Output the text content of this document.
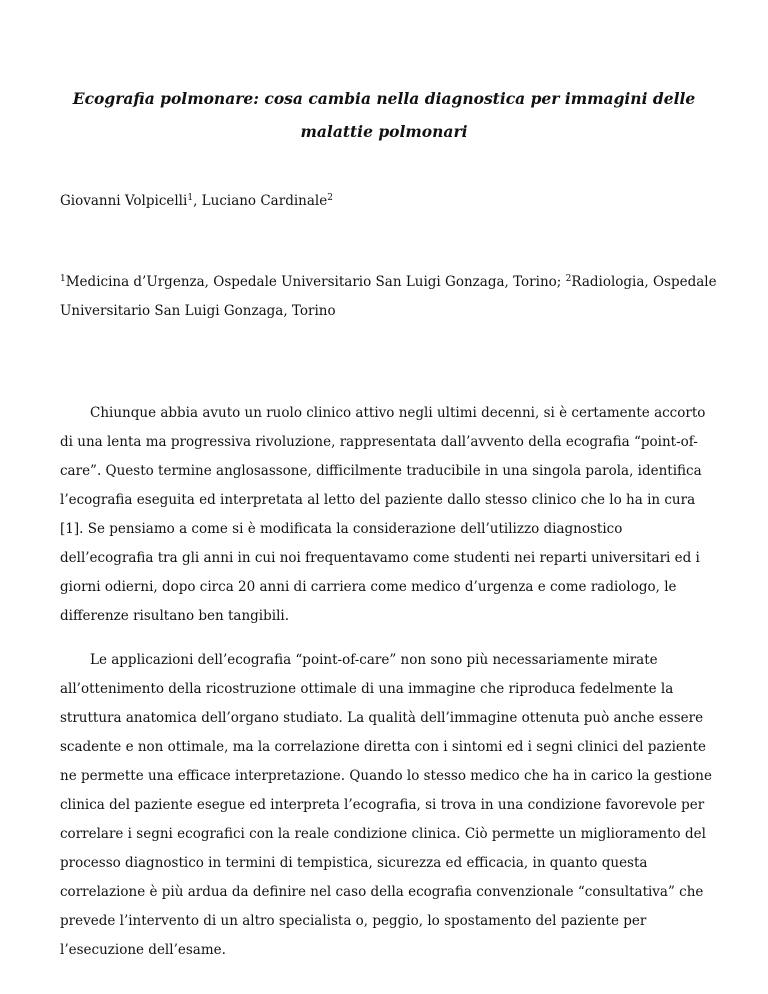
Ecografia polmonare: cosa cambia nella diagnostica per immagini delle malattie polmonari

Giovanni Volpicelli$^1$, Luciano Cardinale$^2$

$^1$Medicina d’Urgenza, Ospedale Universitario San Luigi Gonzaga, Torino; $^2$Radiologia, Ospedale Universitario San Luigi Gonzaga, Torino

Chiunque abbia avuto un ruolo clinico attivo negli ultimi decenni, si è certamente accorto di una lenta ma progressiva rivoluzione, rappresentata dall’avvento della ecografia “point-of-care”. Questo termine anglosassone, difficilmente traducibile in una singola parola, identifica l’ecografia eseguita ed interpretata al letto del paziente dallo stesso clinico che lo ha in cura [1]. Se pensiamo a come si è modificata la considerazione dell’utilizzo diagnostico dell’ecografia tra gli anni in cui noi frequentavamo come studenti nei reparti universitari ed i giorni odierni, dopo circa 20 anni di carriera come medico d’urgenza e come radiologo, le differenze risultano ben tangibili.

Le applicazioni dell’ecografia “point-of-care” non sono più necessariamente mirate all’ottenimento della ricostruzione ottimale di una immagine che riproduca fedelmente la struttura anatomica dell’organo studiato. La qualità dell’immagine ottenuta può anche essere scadente e non ottimale, ma la correlazione diretta con i sintomi ed i segni clinici del paziente ne permette una efficace interpretazione. Quando lo stesso medico che ha in carico la gestione clinica del paziente esegue ed interpreta l’ecografia, si trova in una condizione favorevole per correlare i segni ecografici con la reale condizione clinica. Ciò permette un miglioramento del processo diagnostico in termini di tempistica, sicurezza ed efficacia, in quanto questa correlazione è più ardua da definire nel caso della ecografia convenzionale “consultativa” che prevede l’intervento di un altro specialista o, peggio, lo spostamento del paziente per l’esecuzione dell’esame.
